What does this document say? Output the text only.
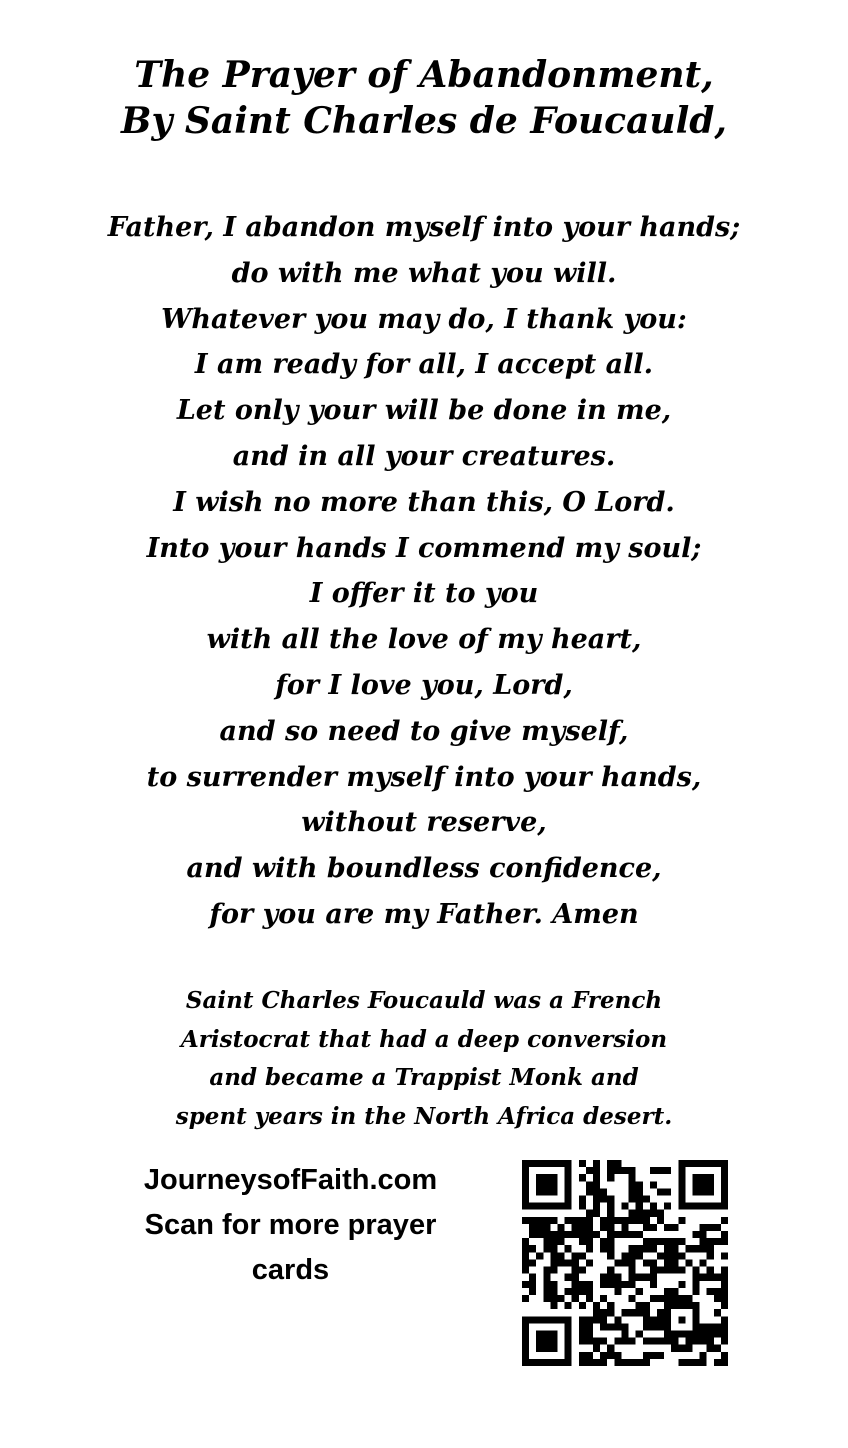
The Prayer of Abandonment,
By Saint Charles de Foucauld,
Father, I abandon myself into your hands;
do with me what you will.
Whatever you may do, I thank you:
I am ready for all, I accept all.
Let only your will be done in me,
and in all your creatures.
I wish no more than this, O Lord.
Into your hands I commend my soul;
I offer it to you
with all the love of my heart,
for I love you, Lord,
and so need to give myself,
to surrender myself into your hands,
without reserve,
and with boundless confidence,
for you are my Father. Amen
Saint Charles Foucauld was a French
Aristocrat that had a deep conversion
and became a Trappist Monk and
spent years in the North Africa desert.
JourneysofFaith.com
Scan for more prayer
cards
